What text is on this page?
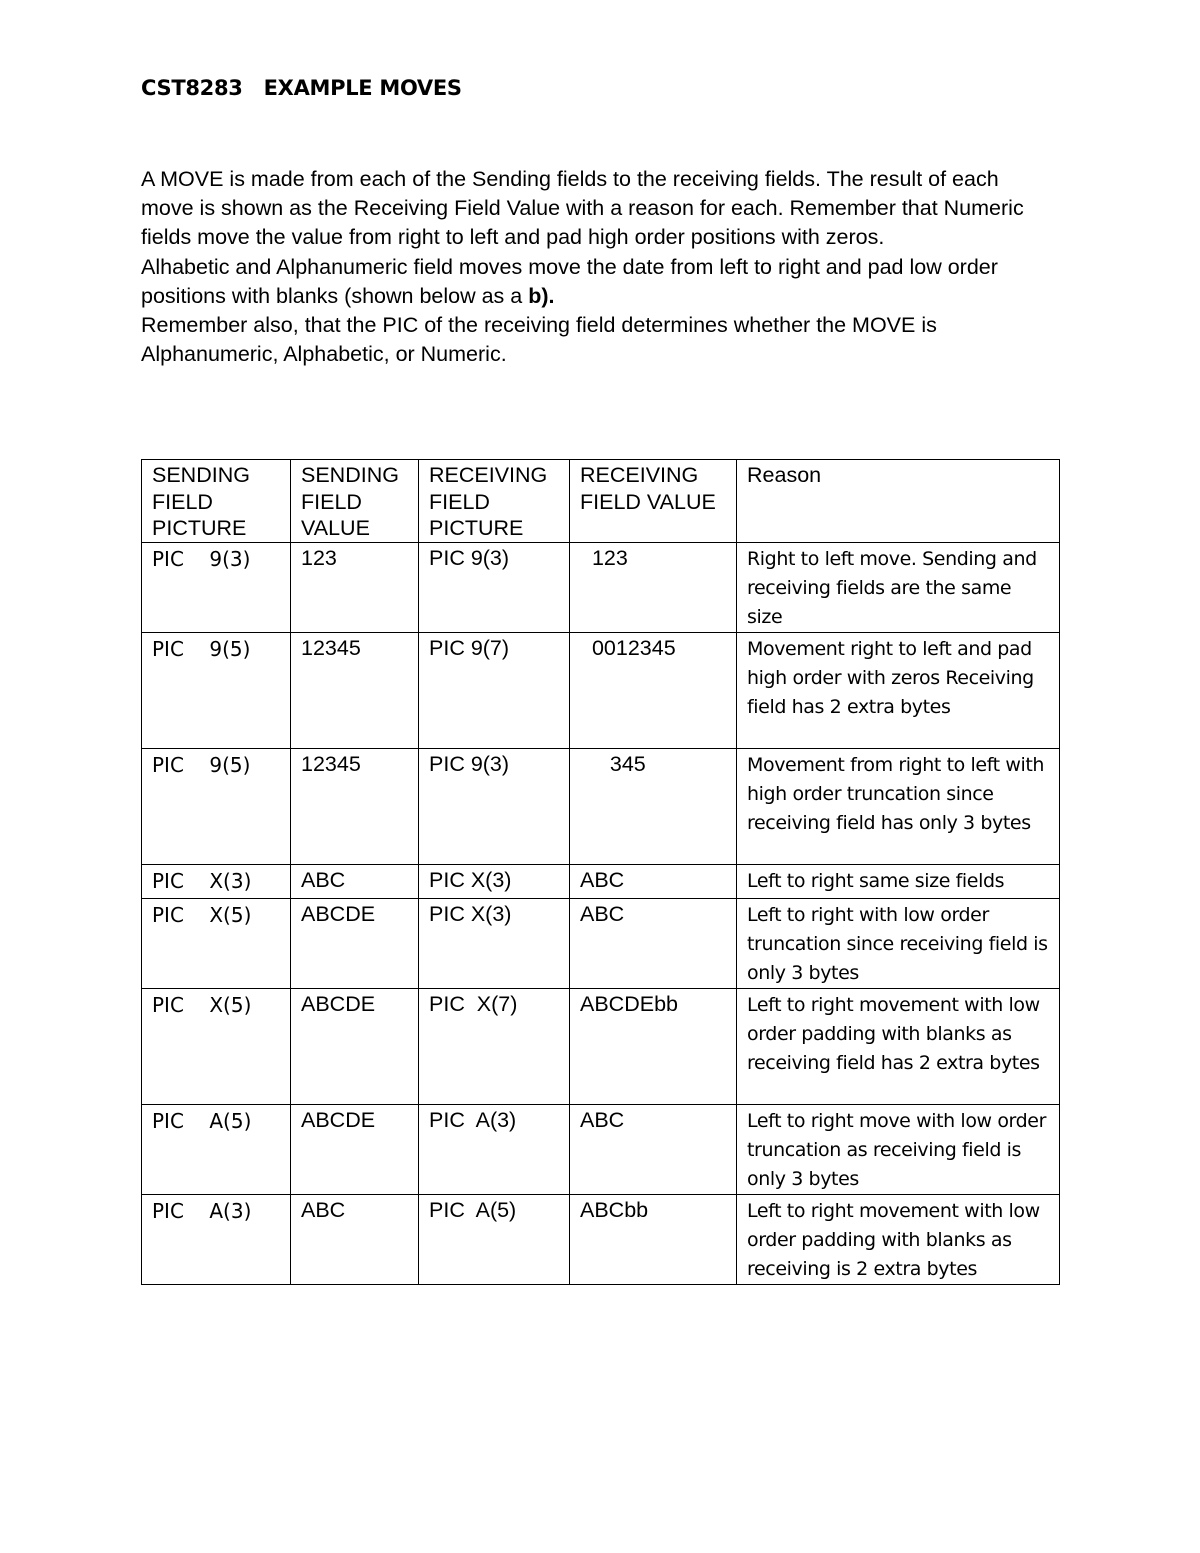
CST8283   EXAMPLE MOVES

A MOVE is made from each of the Sending fields to the receiving fields. The result of each move is shown as the Receiving Field Value with a reason for each. Remember that Numeric fields move the value from right to left and pad high order positions with zeros.

Alhabetic and Alphanumeric field moves move the date from left to right and pad low order positions with blanks (shown below as a b).

Remember also, that the PIC of the receiving field determines whether the MOVE is Alphanumeric, Alphabetic, or Numeric.

SENDING FIELD PICTURE	SENDING FIELD VALUE	RECEIVING FIELD PICTURE	RECEIVING FIELD VALUE	Reason
PIC    9(3)	123	PIC 9(3)	123	Right to left move. Sending and receiving fields are the same size
PIC    9(5)	12345	PIC 9(7)	0012345	Movement right to left and pad high order with zeros Receiving field has 2 extra bytes
PIC    9(5)	12345	PIC 9(3)	345	Movement from right to left with high order truncation since receiving field has only 3 bytes
PIC    X(3)	ABC	PIC X(3)	ABC	Left to right same size fields
PIC    X(5)	ABCDE	PIC X(3)	ABC	Left to right with low order truncation since receiving field is only 3 bytes
PIC    X(5)	ABCDE	PIC  X(7)	ABCDEbb	Left to right movement with low order padding with blanks as receiving field has 2 extra bytes
PIC    A(5)	ABCDE	PIC  A(3)	ABC	Left to right move with low order truncation as receiving field is only 3 bytes
PIC    A(3)	ABC	PIC  A(5)	ABCbb	Left to right movement with low order padding with blanks as receiving is 2 extra bytes
